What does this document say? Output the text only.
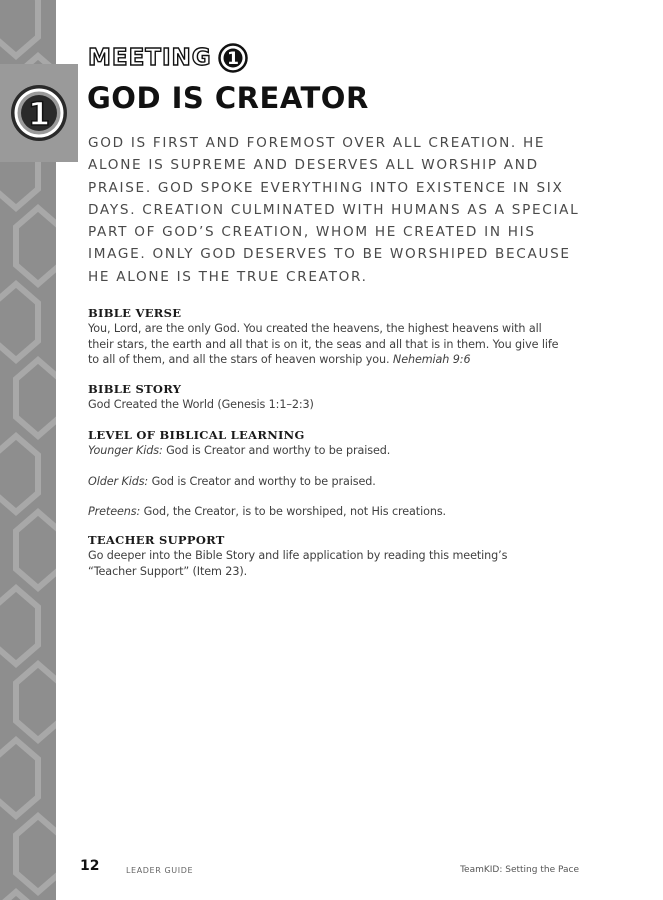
1
MEETING 1
GOD IS CREATOR

GOD IS FIRST AND FOREMOST OVER ALL CREATION. HE
ALONE IS SUPREME AND DESERVES ALL WORSHIP AND
PRAISE. GOD SPOKE EVERYTHING INTO EXISTENCE IN SIX
DAYS. CREATION CULMINATED WITH HUMANS AS A SPECIAL
PART OF GOD’S CREATION, WHOM HE CREATED IN HIS
IMAGE. ONLY GOD DESERVES TO BE WORSHIPED BECAUSE
HE ALONE IS THE TRUE CREATOR.

BIBLE VERSE

You, Lord, are the only God. You created the heavens, the highest heavens with all
their stars, the earth and all that is on it, the seas and all that is in them. You give life
to all of them, and all the stars of heaven worship you. Nehemiah 9:6

BIBLE STORY

God Created the World (Genesis 1:1–2:3)

LEVEL OF BIBLICAL LEARNING

Younger Kids: God is Creator and worthy to be praised.

Older Kids: God is Creator and worthy to be praised.

Preteens: God, the Creator, is to be worshiped, not His creations.

TEACHER SUPPORT

Go deeper into the Bible Story and life application by reading this meeting’s
“Teacher Support” (Item 23).

12	LEADER GUIDE	TeamKID: Setting the Pace
